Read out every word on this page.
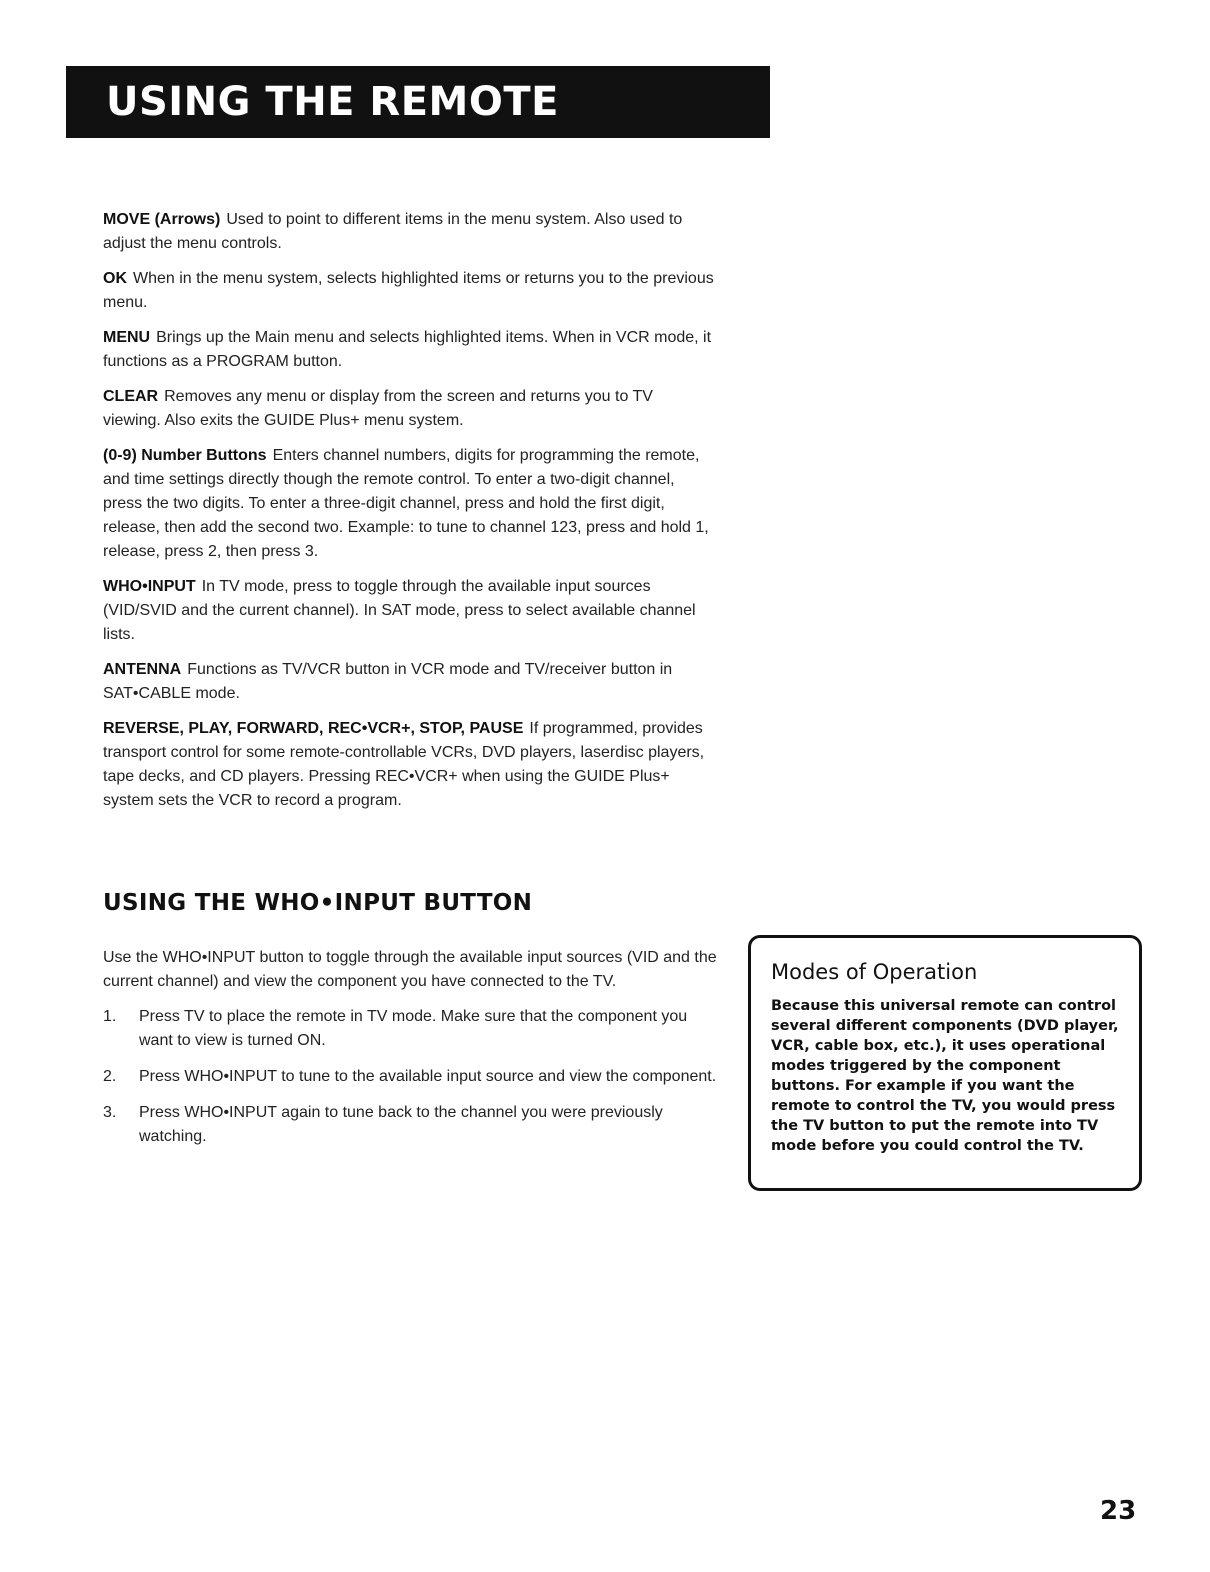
USING THE REMOTE

MOVE (Arrows) Used to point to different items in the menu system. Also used to adjust the menu controls.

OK When in the menu system, selects highlighted items or returns you to the previous menu.

MENU Brings up the Main menu and selects highlighted items. When in VCR mode, it functions as a PROGRAM button.

CLEAR Removes any menu or display from the screen and returns you to TV viewing. Also exits the GUIDE Plus+ menu system.

(0-9) Number Buttons Enters channel numbers, digits for programming the remote, and time settings directly though the remote control. To enter a two-digit channel, press the two digits. To enter a three-digit channel, press and hold the first digit, release, then add the second two. Example: to tune to channel 123, press and hold 1, release, press 2, then press 3.

WHO•INPUT In TV mode, press to toggle through the available input sources (VID/SVID and the current channel). In SAT mode, press to select available channel lists.

ANTENNA Functions as TV/VCR button in VCR mode and TV/receiver button in SAT•CABLE mode.

REVERSE, PLAY, FORWARD, REC•VCR+, STOP, PAUSE If programmed, provides transport control for some remote-controllable VCRs, DVD players, laserdisc players, tape decks, and CD players. Pressing REC•VCR+ when using the GUIDE Plus+ system sets the VCR to record a program.

USING THE WHO•INPUT BUTTON

Use the WHO•INPUT button to toggle through the available input sources (VID and the current channel) and view the component you have connected to the TV.

1. Press TV to place the remote in TV mode. Make sure that the component you want to view is turned ON.
2. Press WHO•INPUT to tune to the available input source and view the component.
3. Press WHO•INPUT again to tune back to the channel you were previously watching.
Modes of Operation

Because this universal remote can control several different components (DVD player, VCR, cable box, etc.), it uses operational modes triggered by the component buttons. For example if you want the remote to control the TV, you would press the TV button to put the remote into TV mode before you could control the TV.

23
